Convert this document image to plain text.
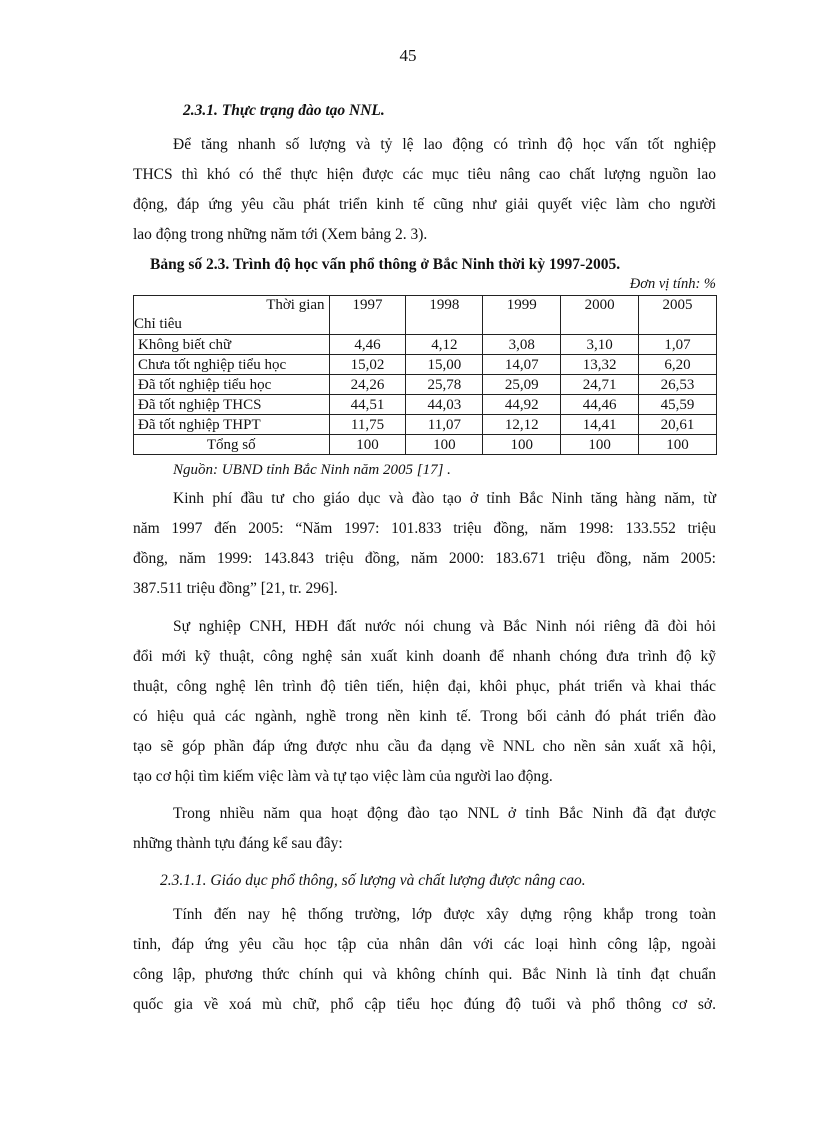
45
2.3.1. Thực trạng đào tạo NNL.
Để tăng nhanh số lượng và tỷ lệ lao động có trình độ học vấn tốt nghiệp
THCS thì khó có thể thực hiện được các mục tiêu nâng cao chất lượng nguồn lao
động, đáp ứng yêu cầu phát triển kinh tế cũng như giải quyết việc làm cho người
lao động trong những năm tới (Xem bảng 2. 3).
Bảng số 2.3. Trình độ học vấn phổ thông ở Bắc Ninh thời kỳ 1997-2005.
Đơn vị tính: %
Thời gian
Chỉ tiêu	1997	1998	1999	2000	2005
Không biết chữ	4,46	4,12	3,08	3,10	1,07
Chưa tốt nghiệp tiểu học	15,02	15,00	14,07	13,32	6,20
Đã tốt nghiệp tiểu học	24,26	25,78	25,09	24,71	26,53
Đã tốt nghiệp THCS	44,51	44,03	44,92	44,46	45,59
Đã tốt nghiệp THPT	11,75	11,07	12,12	14,41	20,61
Tổng số	100	100	100	100	100
Nguồn: UBND tỉnh Bắc Ninh năm 2005 [17] .
Kinh phí đầu tư cho giáo dục và đào tạo ở tỉnh Bắc Ninh tăng hàng năm, từ
năm 1997 đến 2005: “Năm 1997: 101.833 triệu đồng, năm 1998: 133.552 triệu
đồng, năm 1999: 143.843 triệu đồng, năm 2000: 183.671 triệu đồng, năm 2005:
387.511 triệu đồng” [21, tr. 296].
Sự nghiệp CNH, HĐH đất nước nói chung và Bắc Ninh nói riêng đã đòi hỏi
đổi mới kỹ thuật, công nghệ sản xuất kinh doanh để nhanh chóng đưa trình độ kỹ
thuật, công nghệ lên trình độ tiên tiến, hiện đại, khôi phục, phát triển và khai thác
có hiệu quả các ngành, nghề trong nền kinh tế. Trong bối cảnh đó phát triển đào
tạo sẽ góp phần đáp ứng được nhu cầu đa dạng về NNL cho nền sản xuất xã hội,
tạo cơ hội tìm kiếm việc làm và tự tạo việc làm của người lao động.
Trong nhiều năm qua hoạt động đào tạo NNL ở tỉnh Bắc Ninh đã đạt được
những thành tựu đáng kể sau đây:
2.3.1.1. Giáo dục phổ thông, số lượng và chất lượng được nâng cao.
Tính đến nay hệ thống trường, lớp được xây dựng rộng khắp trong toàn
tỉnh, đáp ứng yêu cầu học tập của nhân dân với các loại hình công lập, ngoài
công lập, phương thức chính qui và không chính qui. Bắc Ninh là tỉnh đạt chuẩn
quốc gia về xoá mù chữ, phổ cập tiểu học đúng độ tuổi và phổ thông cơ sở.
